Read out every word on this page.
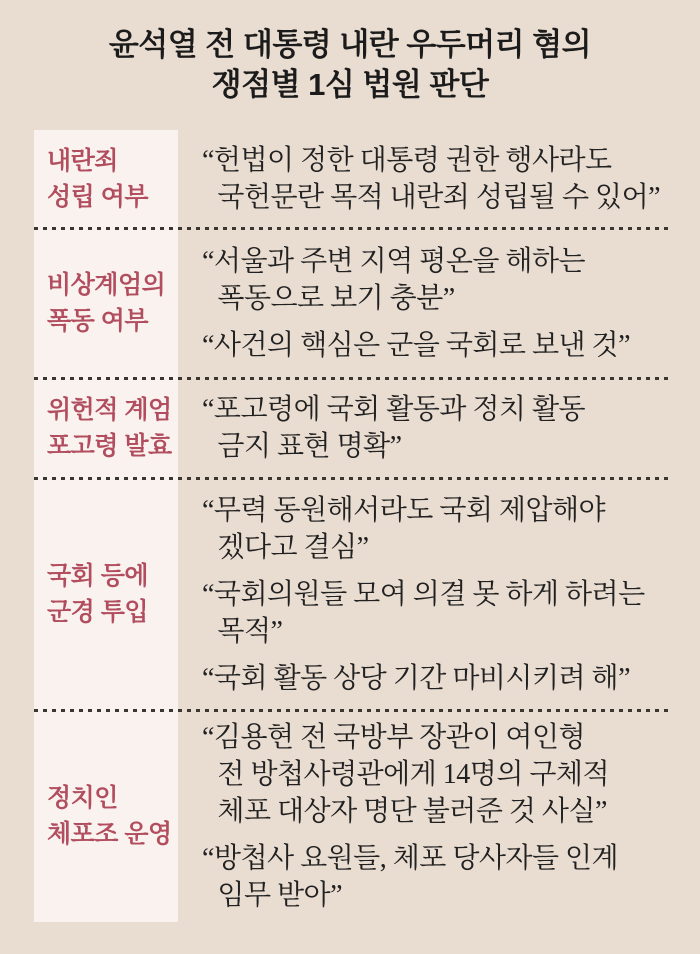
윤석열 전 대통령 내란 우두머리 혐의
쟁점별 1심 법원 판단
내란죄
성립 여부

“헌법이 정한 대통령 권한 행사라도
국헌문란 목적 내란죄 성립될 수 있어”

비상계엄의
폭동 여부

“서울과 주변 지역 평온을 해하는
폭동으로 보기 충분”

“사건의 핵심은 군을 국회로 보낸 것”

위헌적 계엄
포고령 발효

“포고령에 국회 활동과 정치 활동
금지 표현 명확”

국회 등에
군경 투입

“무력 동원해서라도 국회 제압해야
겠다고 결심”

“국회의원들 모여 의결 못 하게 하려는
목적”

“국회 활동 상당 기간 마비시키려 해”

정치인
체포조 운영

“김용현 전 국방부 장관이 여인형
전 방첩사령관에게 14명의 구체적
체포 대상자 명단 불러준 것 사실”

“방첩사 요원들, 체포 당사자들 인계
임무 받아”
